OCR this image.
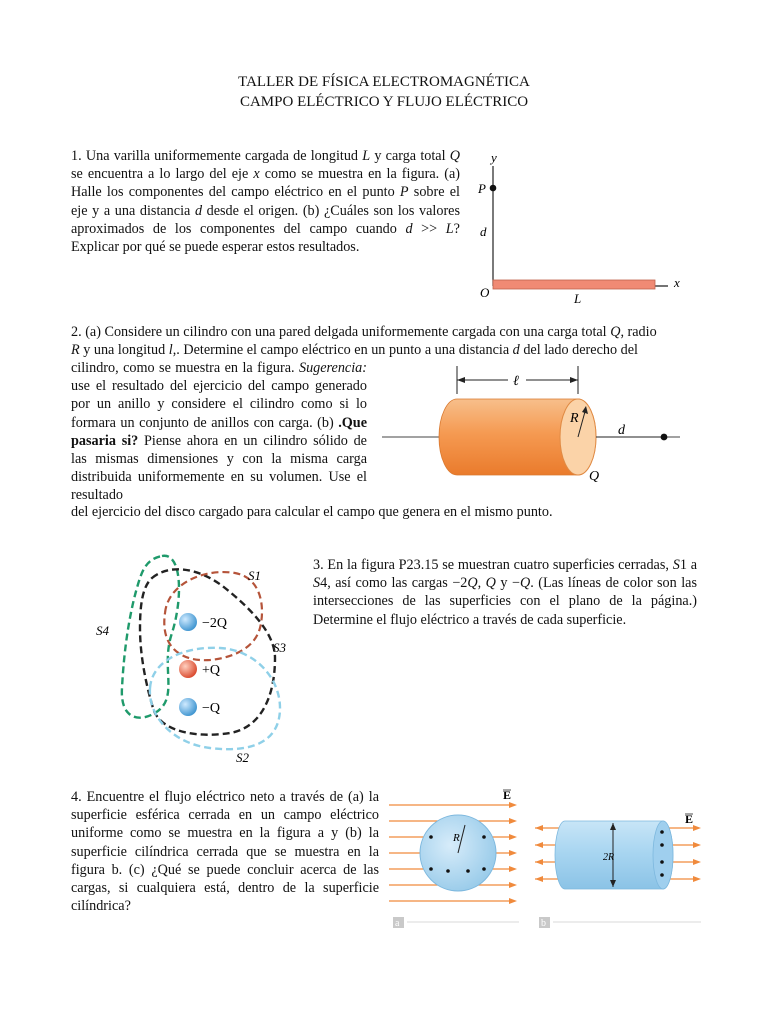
TALLER DE FÍSICA ELECTROMAGNÉTICA
CAMPO ELÉCTRICO Y FLUJO ELÉCTRICO
1. Una varilla uniformemente cargada de longitud L y carga total Q se encuentra a lo largo del eje x como se muestra en la figura. (a) Halle los componentes del campo eléctrico en el punto P sobre el eje y a una distancia d desde el origen. (b) ¿Cuáles son los valores aproximados de los componentes del campo cuando d >> L? Explicar por qué se puede esperar estos resultados.
y
P
d
O
x
L
2. (a) Considere un cilindro con una pared delgada uniformemente cargada con una carga total Q, radio
R y una longitud l,. Determine el campo eléctrico en un punto a una distancia d del lado derecho del
cilindro, como se muestra en la figura. Sugerencia: use el resultado del ejercicio del campo generado por un anillo y considere el cilindro como si lo formara un conjunto de anillos con carga. (b) .Que pasaria si? Piense ahora en un cilindro sólido de las mismas dimensiones y con la misma carga distribuida uniformemente en su volumen. Use el resultado
del ejercicio del disco cargado para calcular el campo que genera en el mismo punto.
ℓ
R
d
Q
−2Q
+Q
−Q
S1
S2
S3
S4
3. En la figura P23.15 se muestran cuatro superficies cerradas, S1 a S4, así como las cargas −2Q, Q y −Q. (Las líneas de color son las intersecciones de las superficies con el plano de la página.) Determine el flujo eléctrico a través de cada superficie.
4. Encuentre el flujo eléctrico neto a través de (a) la superficie esférica cerrada en un campo eléctrico uniforme como se muestra en la figura a y (b) la superficie cilíndrica cerrada que se muestra en la figura b. (c) ¿Qué se puede concluir acerca de las cargas, si cualquiera está, dentro de la superficie cilíndrica?
R
E
a
2R
E
b
